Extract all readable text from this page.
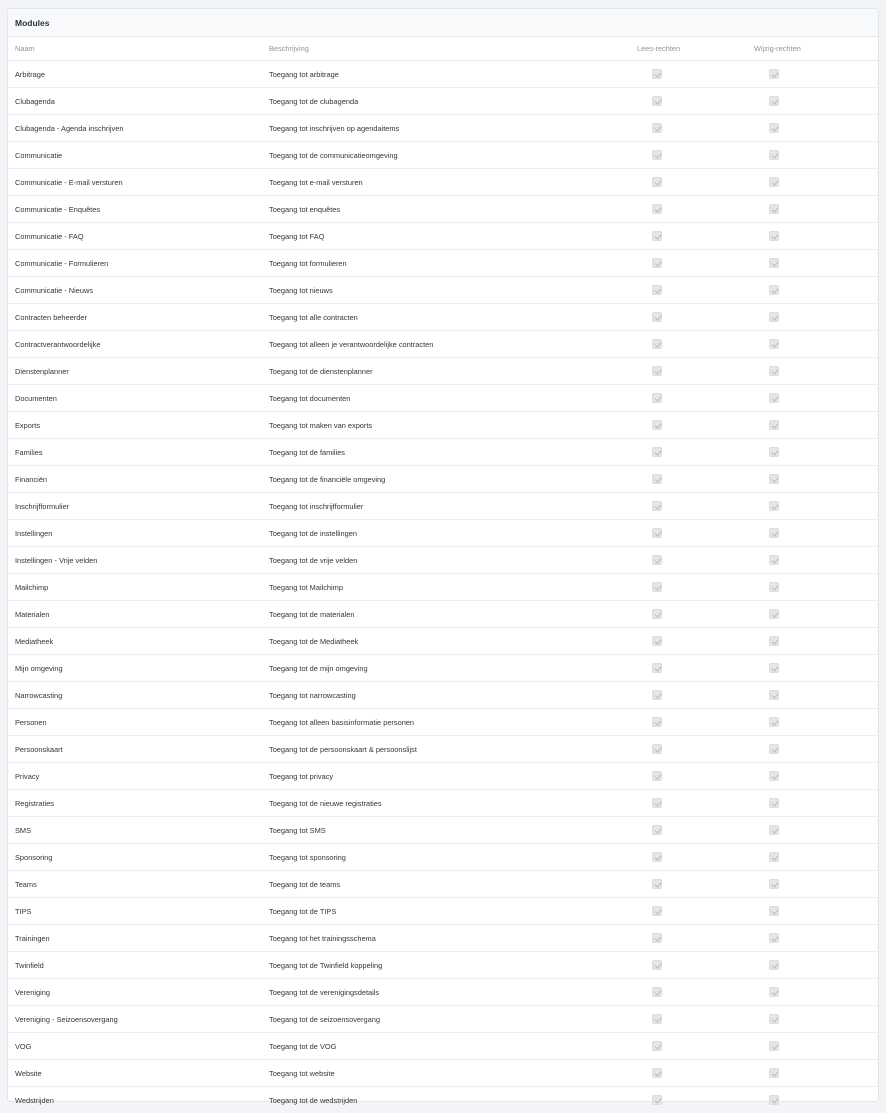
Modules
Naam	Beschrijving	Lees-rechten	Wijzig-rechten
Arbitrage	Toegang tot arbitrage		
Clubagenda	Toegang tot de clubagenda		
Clubagenda - Agenda inschrijven	Toegang tot inschrijven op agendaitems		
Communicatie	Toegang tot de communicatieomgeving		
Communicatie - E-mail versturen	Toegang tot e-mail versturen		
Communicatie - Enquêtes	Toegang tot enquêtes		
Communicatie - FAQ	Toegang tot FAQ		
Communicatie - Formulieren	Toegang tot formulieren		
Communicatie - Nieuws	Toegang tot nieuws		
Contracten beheerder	Toegang tot alle contracten		
Contractverantwoordelijke	Toegang tot alleen je verantwoordelijke contracten		
Dienstenplanner	Toegang tot de dienstenplanner		
Documenten	Toegang tot documenten		
Exports	Toegang tot maken van exports		
Families	Toegang tot de families		
Financiën	Toegang tot de financiële omgeving		
Inschrijfformulier	Toegang tot inschrijfformulier		
Instellingen	Toegang tot de instellingen		
Instellingen - Vrije velden	Toegang tot de vrije velden		
Mailchimp	Toegang tot Mailchimp		
Materialen	Toegang tot de materialen		
Mediatheek	Toegang tot de Mediatheek		
Mijn omgeving	Toegang tot de mijn omgeving		
Narrowcasting	Toegang tot narrowcasting		
Personen	Toegang tot alleen basisinformatie personen		
Persoonskaart	Toegang tot de persoonskaart & persoonslijst		
Privacy	Toegang tot privacy		
Registraties	Toegang tot de nieuwe registraties		
SMS	Toegang tot SMS		
Sponsoring	Toegang tot sponsoring		
Teams	Toegang tot de teams		
TIPS	Toegang tot de TIPS		
Trainingen	Toegang tot het trainingsschema		
Twinfield	Toegang tot de Twinfield koppeling		
Vereniging	Toegang tot de verenigingsdetails		
Vereniging - Seizoensovergang	Toegang tot de seizoensovergang		
VOG	Toegang tot de VOG		
Website	Toegang tot website		
Wedstrijden	Toegang tot de wedstrijden		
